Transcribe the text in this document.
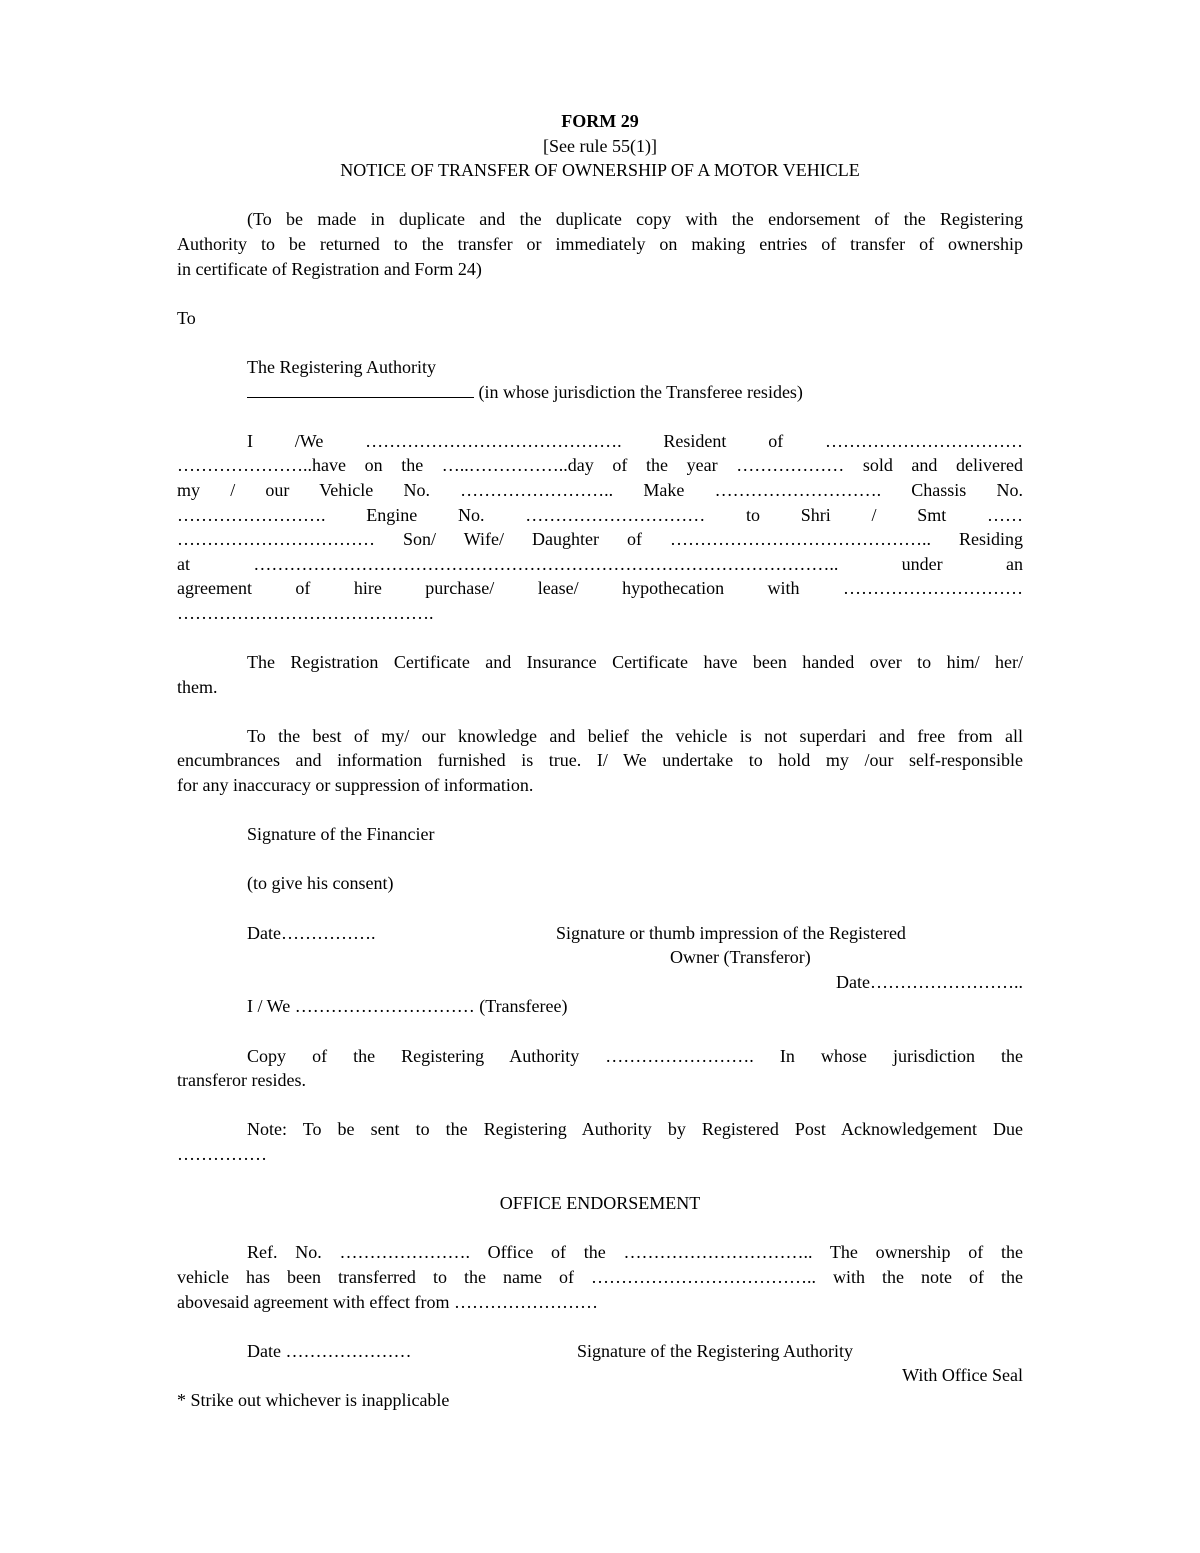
FORM 29

[See rule 55(1)]

NOTICE OF TRANSFER OF OWNERSHIP OF A MOTOR VEHICLE

(To be made in duplicate and the duplicate copy with the endorsement of the Registering

Authority to be returned to the transfer or immediately on making entries of transfer of ownership

in certificate of Registration and Form 24)

To

The Registering Authority

(in whose jurisdiction the Transferee resides)

I /We ……………………………………. Resident of ……………………………

…………………..have on the …..……………..day of the year ……………… sold and delivered

my / our Vehicle No. …………………….. Make ………………………. Chassis No.

……………………. Engine No. ………………………… to Shri / Smt ……

…………………………… Son/ Wife/ Daughter of …………………………………….. Residing

at …………………………………………………………………………………….. under an

agreement of hire purchase/ lease/ hypothecation with …………………………

…………………………………….

The Registration Certificate and Insurance Certificate have been handed over to him/ her/

them.

To the best of my/ our knowledge and belief the vehicle is not superdari and free from all

encumbrances and information furnished is true. I/ We undertake to hold my /our self-responsible

for any inaccuracy or suppression of information.

Signature of the Financier

(to give his consent)

Date…………….	Signature or thumb impression of the Registered
Owner (Transferor)
Date……………………..

I / We ………………………… (Transferee)

Copy of the Registering Authority ……………………. In whose jurisdiction the

transferor resides.

Note: To be sent to the Registering Authority by Registered Post Acknowledgement Due

……………

OFFICE ENDORSEMENT

Ref. No. …………………. Office of the ………………………….. The ownership of the

vehicle has been transferred to the name of ……………………………….. with the note of the

abovesaid agreement with effect from ……………………

Date …………………	Signature of the Registering Authority
With Office Seal

* Strike out whichever is inapplicable
